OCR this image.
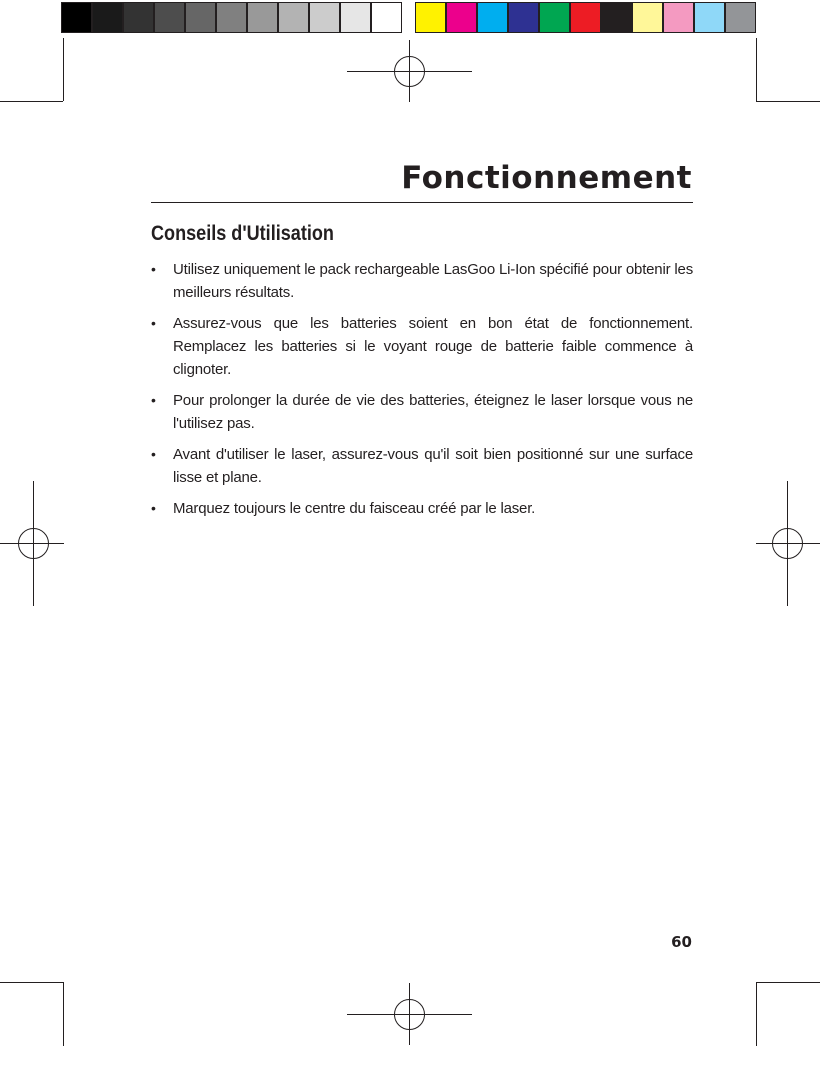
Fonctionnement
Conseils d'Utilisation
• Utilisez uniquement le pack rechargeable LasGoo Li-Ion spécifié pour obtenir les meilleurs résultats.
• Assurez-vous que les batteries soient en bon état de fonctionnement. Remplacez les batteries si le voyant rouge de batterie faible commence à clignoter.
• Pour prolonger la durée de vie des batteries, éteignez le laser lorsque vous ne l'utilisez pas.
• Avant d'utiliser le laser, assurez-vous qu'il soit bien positionné sur une surface lisse et plane.
• Marquez toujours le centre du faisceau créé par le laser.
60
